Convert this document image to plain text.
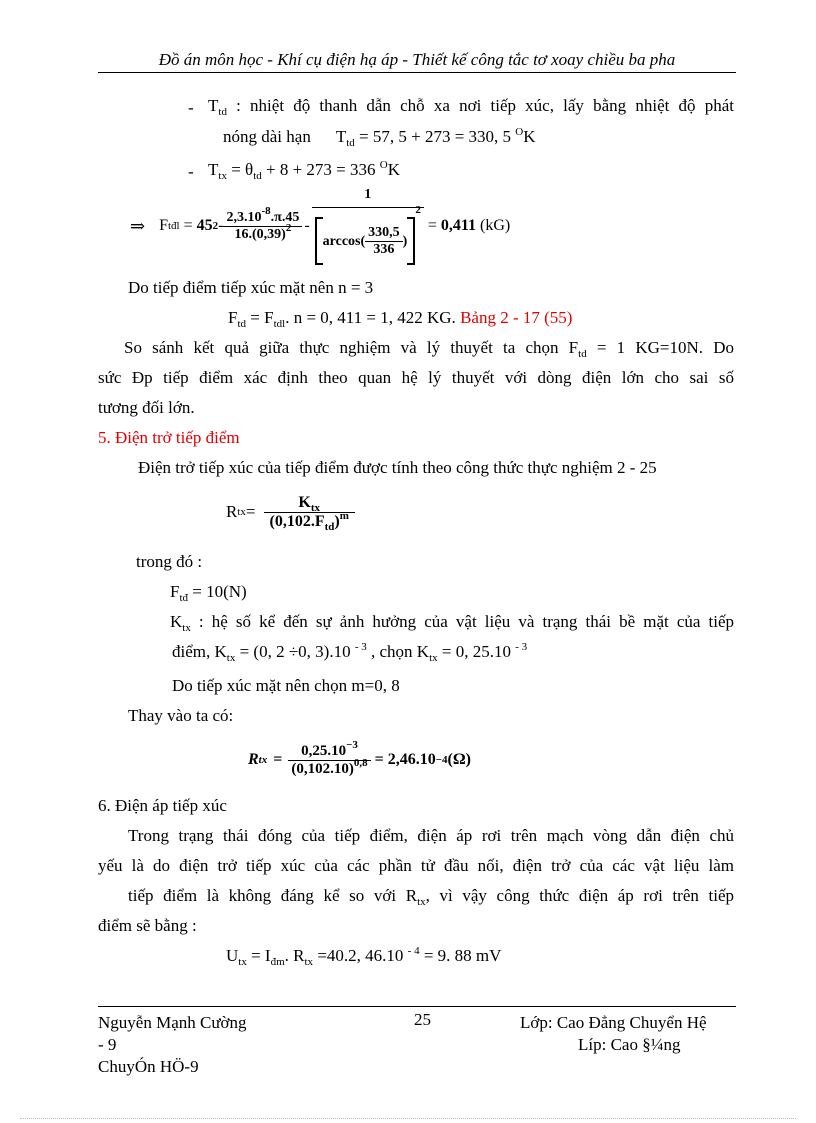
Đồ án môn học - Khí cụ điện hạ áp - Thiết kế công tắc tơ xoay chiều ba pha
- $T_{td}$ : nhiệt độ thanh dẫn chỗ xa nơi tiếp xúc, lấy bằng nhiệt độ phát
nóng dài hạn $T_{td} = 57$, 5 + 273 = 330, 5 $^O$K
- $T_{tx} = \theta_{td} + 8 + 273 = 336$ $^O$K
⇒ F tđl = 45 $2 - \frac{2,3.10^{-8}.\pi.45}{16.(0,39)^2} - \frac{1}{\arccos( \frac{330,5}{336} )^2} = 0,411$
(kG)
Do tiếp điểm tiếp xúc mặt nên n = 3
$F_{td} = F_{tdl}$. n = 0, 411 = 1, 422 KG. Bảng 2 - 17 (55)
So sánh kết quả giữa thực nghiệm và lý thuyết ta chọn $F_{td} = 1$ KG=10N. Do
sức Đp tiếp điểm xác định theo quan hệ lý thuyết với dòng điện lớn cho sai số
tương đối lớn.
5. Điện trở tiếp điểm
Điện trở tiếp xúc của tiếp điểm được tính theo công thức thực nghiệm 2 - 25
R tx = $\frac{K_{tx}}{(0,102.F_{td})^m}$
trong đó :
$F_{tđ} = 10(N)$
$K_{tx}$ : hệ số kể đến sự ảnh hưởng của vật liệu và trạng thái bề mặt của tiếp
điểm, $K_{tx} = (0$, 2 ÷0, 3).10 $^{- 3}$ , chọn $K_{tx} = 0$, 25.10 $^{- 3}$
Do tiếp xúc mặt nên chọn m=0, 8
Thay vào ta có:
R tx = $\frac{0,25.10^{-3}}{(0,102.10)^{0,8}} = 2,46.10 -4$ (Ω)
6. Điện áp tiếp xúc
Trong trạng thái đóng của tiếp điểm, điện áp rơi trên mạch vòng dẫn điện chủ
yếu là do điện trở tiếp xúc của các phần tử đầu nối, điện trở của các vật liệu làm
tiếp điểm là không đáng kể so với $R_{tx}$, vì vậy công thức điện áp rơi trên tiếp
điểm sẽ bằng :
$U_{tx} = I_{đm}$. $R_{tx} =40.2$, 46.10 $^{- 4}$ = 9. 88 mV
Nguyễn Mạnh Cường
- 9
ChuyÓn HÖ-9
25	Lớp: Cao Đẳng Chuyển Hệ
Líp: Cao §¼ng
